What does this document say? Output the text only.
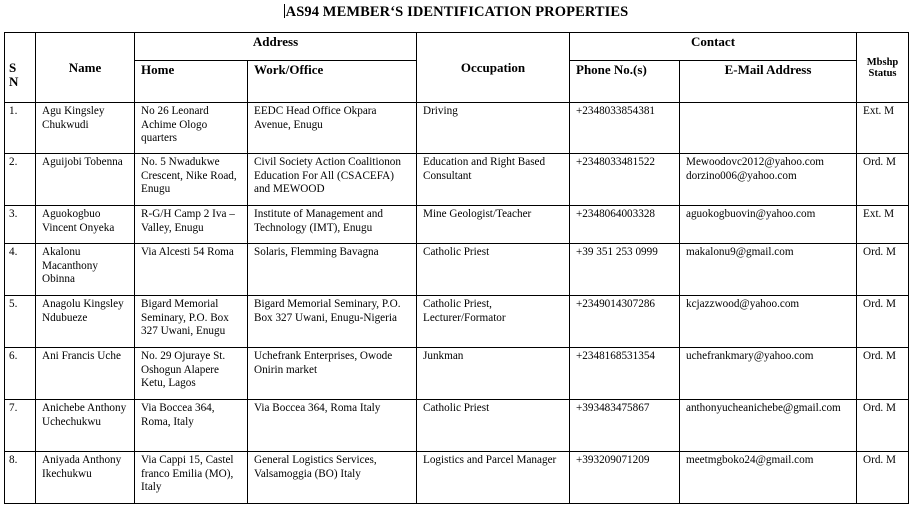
AS94 MEMBER‘S IDENTIFICATION PROPERTIES
S
N	Name	Address		Occupation	Contact		Mbshp Status
		Home	Work/Office		Phone No.(s)	E-Mail Address	
1.	Agu Kingsley Chukwudi	No 26 Leonard Achime Ologo quarters	EEDC Head Office Okpara Avenue, Enugu	Driving	+2348033854381		Ext. M
2.	Aguijobi Tobenna	No. 5 Nwadukwe Crescent, Nike Road, Enugu	Civil Society Action Coalitionon Education For All (CSACEFA) and MEWOOD	Education and Right Based Consultant	+2348033481522	Mewoodovc2012@yahoo.com
dorzino006@yahoo.com	Ord. M
3.	Aguokogbuo Vincent Onyeka	R-G/H Camp 2 Iva – Valley, Enugu	Institute of Management and Technology (IMT), Enugu	Mine Geologist/Teacher	+2348064003328	aguokogbuovin@yahoo.com	Ext. M
4.	Akalonu Macanthony Obinna	Via Alcesti 54 Roma	Solaris, Flemming Bavagna	Catholic Priest	+39 351 253 0999	makalonu9@gmail.com	Ord. M
5.	Anagolu Kingsley Ndubueze	Bigard Memorial Seminary, P.O. Box 327 Uwani, Enugu	Bigard Memorial Seminary, P.O. Box 327 Uwani, Enugu-Nigeria	Catholic Priest, Lecturer/Formator	+2349014307286	kcjazzwood@yahoo.com	Ord. M
6.	Ani Francis Uche	No. 29 Ojuraye St. Oshogun Alapere Ketu, Lagos	Uchefrank Enterprises, Owode Onirin market	Junkman	+2348168531354	uchefrankmary@yahoo.com	Ord. M
7.	Anichebe Anthony Uchechukwu	Via Boccea 364, Roma, Italy	Via Boccea 364, Roma Italy	Catholic Priest	+393483475867	anthonyucheanichebe@gmail.com	Ord. M
8.	Aniyada Anthony Ikechukwu	Via Cappi 15, Castel franco Emilia (MO), Italy	General Logistics Services, Valsamoggia (BO) Italy	Logistics and Parcel Manager	+393209071209	meetmgboko24@gmail.com	Ord. M
